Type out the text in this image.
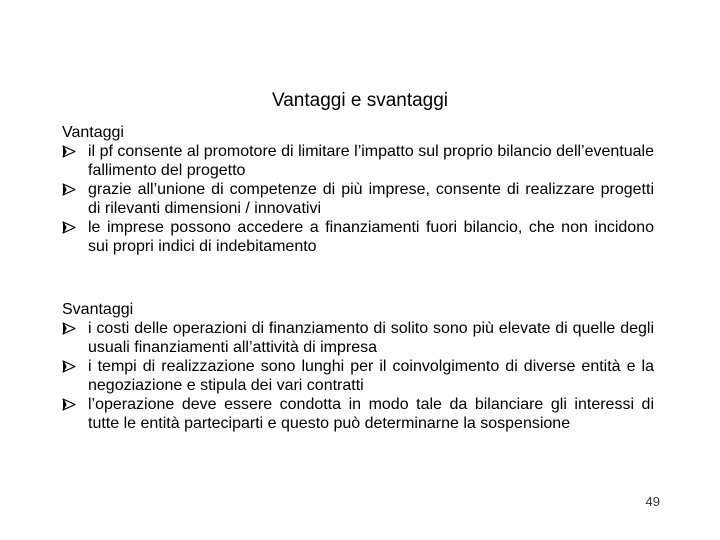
Vantaggi e svantaggi
Vantaggi
il pf consente al promotore di limitare l’impatto sul proprio bilancio dell’eventuale fallimento del progetto
grazie all’unione di competenze di più imprese, consente di realizzare progetti di rilevanti dimensioni / innovativi
le imprese possono accedere a finanziamenti fuori bilancio, che non incidono sui propri indici di indebitamento
Svantaggi
i costi delle operazioni di finanziamento di solito sono più elevate di quelle degli usuali finanziamenti all’attività di impresa
i tempi di realizzazione sono lunghi per il coinvolgimento di diverse entità e la negoziazione e stipula dei vari contratti
l’operazione deve essere condotta in modo tale da bilanciare gli interessi di tutte le entità parteciparti e questo può determinarne la sospensione
49
